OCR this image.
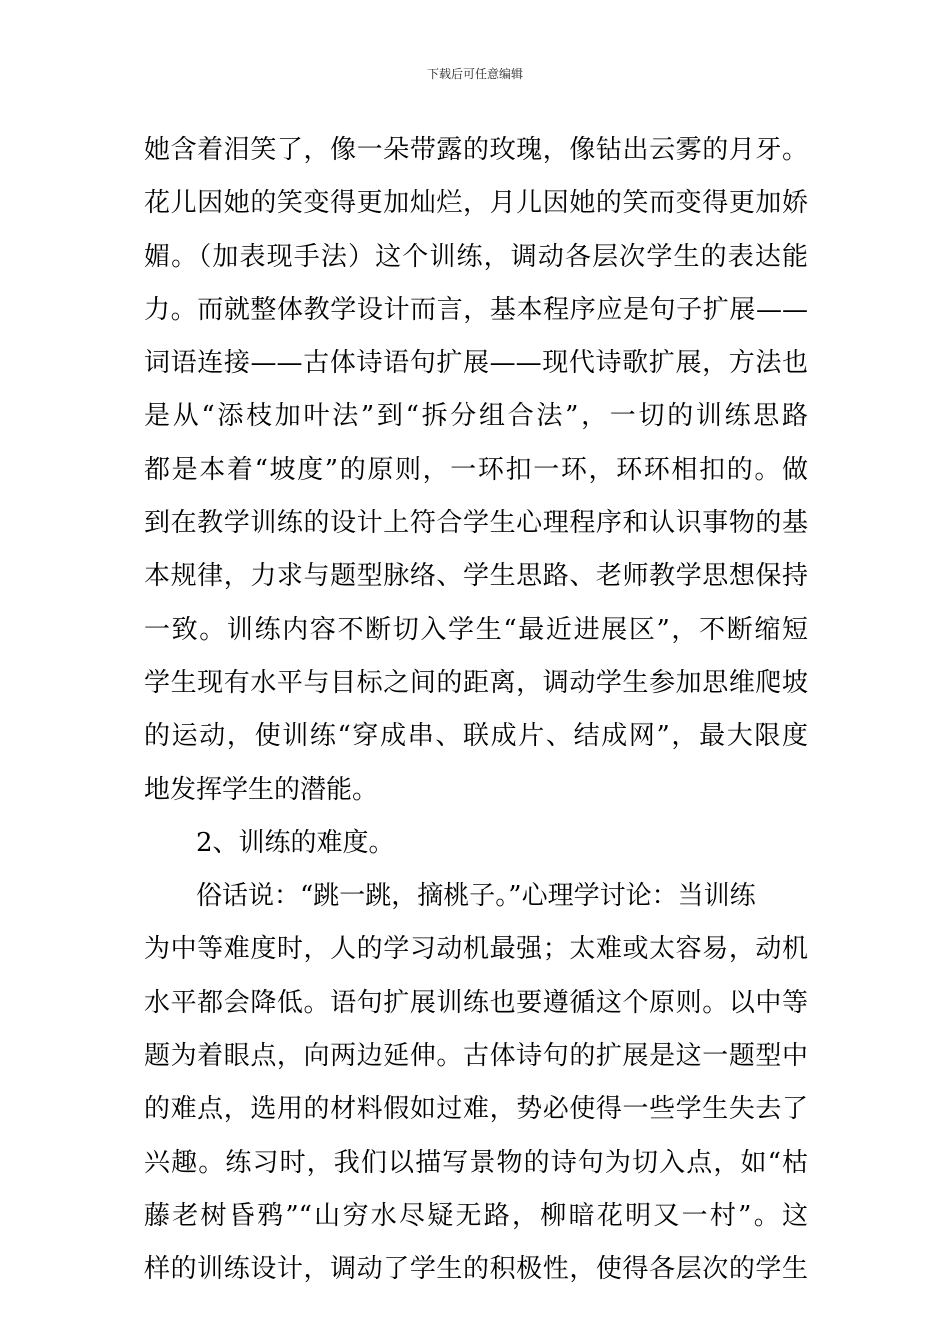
下载后可任意编辑
她含着泪笑了，像一朵带露的玫瑰，像钻出云雾的月牙。
花儿因她的笑变得更加灿烂，月儿因她的笑而变得更加娇
媚。（加表现手法）这个训练，调动各层次学生的表达能
力。而就整体教学设计而言，基本程序应是句子扩展——
词语连接——古体诗语句扩展——现代诗歌扩展，方法也
是从“添枝加叶法”到“拆分组合法”，一切的训练思路
都是本着“坡度”的原则，一环扣一环，环环相扣的。做
到在教学训练的设计上符合学生心理程序和认识事物的基
本规律，力求与题型脉络、学生思路、老师教学思想保持
一致。训练内容不断切入学生“最近进展区”，不断缩短
学生现有水平与目标之间的距离，调动学生参加思维爬坡
的运动，使训练“穿成串、联成片、结成网”，最大限度
地发挥学生的潜能。
2、训练的难度。
俗话说：“跳一跳，摘桃子。”心理学讨论：当训练
为中等难度时，人的学习动机最强；太难或太容易，动机
水平都会降低。语句扩展训练也要遵循这个原则。以中等
题为着眼点，向两边延伸。古体诗句的扩展是这一题型中
的难点，选用的材料假如过难，势必使得一些学生失去了
兴趣。练习时，我们以描写景物的诗句为切入点，如“枯
藤老树昏鸦”“山穷水尽疑无路，柳暗花明又一村”。这
样的训练设计，调动了学生的积极性，使得各层次的学生
